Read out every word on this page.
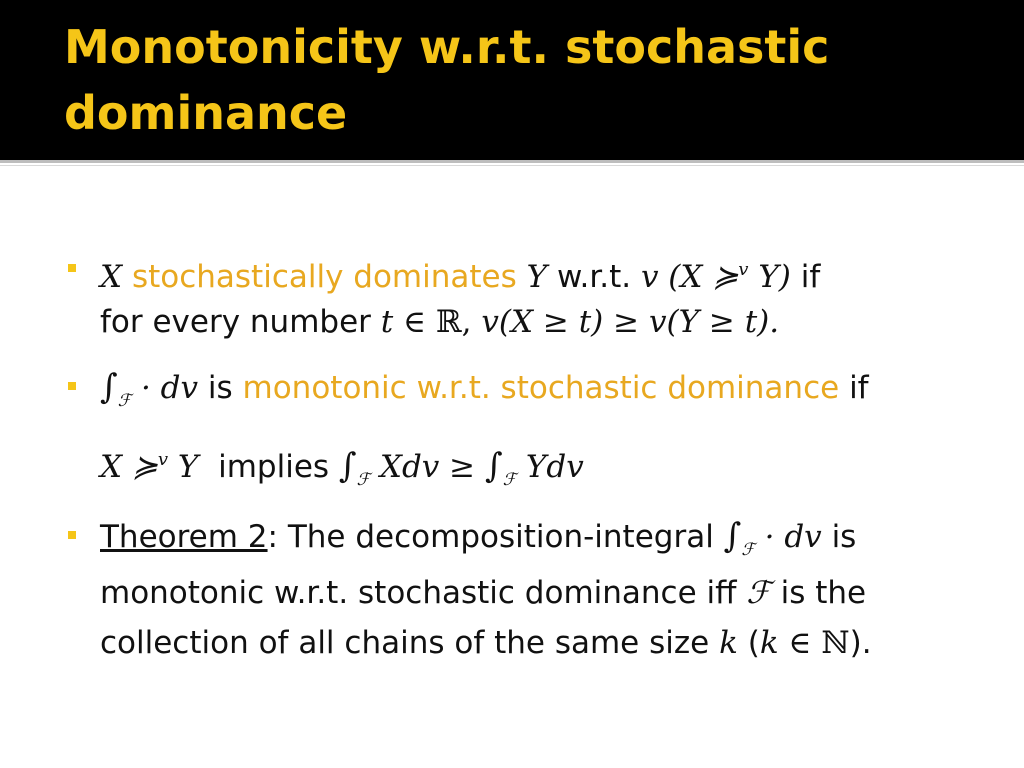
Monotonicity w.r.t. stochastic dominance
X stochastically dominates Y w.r.t. v (X ≽$^v$ Y) if
for every number t ∈ ℝ, v(X ≥ t) ≥ v(Y ≥ t).
$\int_ℱ$ · dv is monotonic w.r.t. stochastic dominance if
X ≽$^v$ Y implies $\int_ℱ$ Xdv ≥ $\int_ℱ$ Ydv
Theorem 2: The decomposition-integral $\int_ℱ$ · dv is
monotonic w.r.t. stochastic dominance iff ℱ is the
collection of all chains of the same size k (k ∈ ℕ).
